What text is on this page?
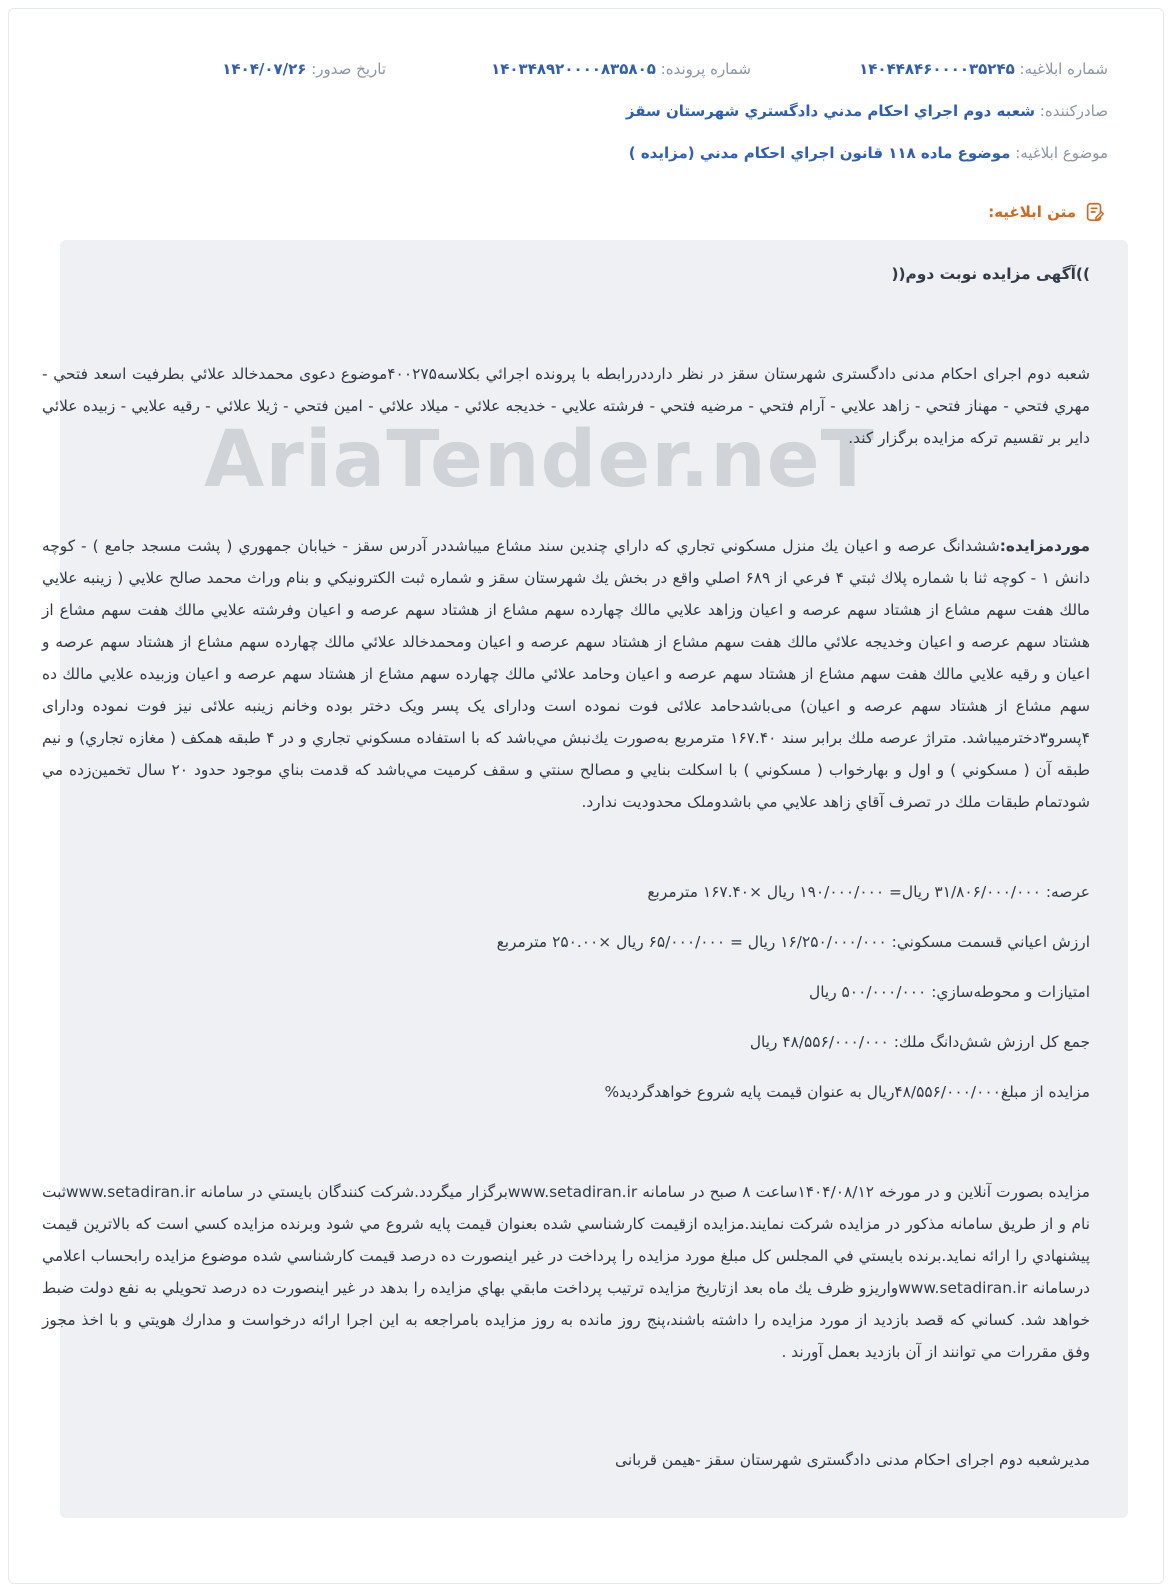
شماره ابلاغیه: ۱۴۰۴۴۸۴۶۰۰۰۰۳۵۲۴۵
شماره پرونده: ۱۴۰۳۴۸۹۲۰۰۰۰۸۳۵۸۰۵
تاریخ صدور: ۱۴۰۴/۰۷/۲۶
صادرکننده: شعبه دوم اجراي احكام مدني دادگستري شهرستان سقز
موضوع ابلاغیه: موضوع ماده ۱۱۸ قانون اجراي احكام مدني (مزايده )
متن ابلاغیه:
AriaTender.neT
))آگهی مزایده نوبت دوم((
شعبه دوم اجرای احکام مدنی دادگستری شهرستان سقز در نظر دارددررابطه با پرونده اجرائي بكلاسه۴۰۰۲۷۵موضوع دعوی محمدخالد علائي بطرفيت اسعد فتحي - مهري فتحي - مهناز فتحي - زاهد علايي - آرام فتحي - مرضيه فتحي - فرشته علايي - خديجه علائي - ميلاد علائي - امين فتحي - ژيلا علائي - رقيه علايي - زبيده علائي داير بر تقسيم تركه مزايده برگزار کند.
موردمزایده:ششدانگ عرصه و اعيان يك منزل مسكوني تجاري كه داراي چندين سند مشاع ميباشددر آدرس سقز - خيابان جمهوري ( پشت مسجد جامع ) - كوچه دانش ۱ - كوچه ثنا با شماره پلاك ثبتي ۴ فرعي از ۶۸۹ اصلي واقع در بخش يك شهرستان سقز و شماره ثبت الكترونيكي و بنام وراث محمد صالح علايي ( زينبه علايي مالك هفت سهم مشاع از هشتاد سهم عرصه و اعيان وزاهد علايي مالك چهارده سهم مشاع از هشتاد سهم عرصه و اعيان وفرشته علايي مالك هفت سهم مشاع از هشتاد سهم عرصه و اعيان وخديجه علائي مالك هفت سهم مشاع از هشتاد سهم عرصه و اعيان ومحمدخالد علائي مالك چهارده سهم مشاع از هشتاد سهم عرصه و اعيان و رقيه علايي مالك هفت سهم مشاع از هشتاد سهم عرصه و اعيان وحامد علائي مالك چهارده سهم مشاع از هشتاد سهم عرصه و اعيان وزبيده علايي مالك ده سهم مشاع از هشتاد سهم عرصه و اعيان) می‌باشدحامد علائی فوت نموده است ودارای یک پسر ویک دختر بوده وخانم زینبه علائی نیز فوت نموده ودارای ۴پسرو۳دخترمیباشد. متراژ عرصه ملك برابر سند ۱۶۷.۴۰ مترمربع به‌صورت يك‌نبش مي‌باشد كه با استفاده مسكوني تجاري و در ۴ طبقه همكف ( مغازه تجاري) و نيم طبقه آن ( مسكوني ) و اول و بهارخواب ( مسكوني ) با اسكلت بنايي و مصالح سنتي و سقف كرميت مي‌باشد كه قدمت بناي موجود حدود ۲۰ سال تخمين‌زده مي شودتمام طبقات ملك در تصرف آقاي زاهد علايي مي باشدوملک محدودیت ندارد.
عرصه: ۳۱/۸۰۶/۰۰۰/۰۰۰ ریال= ۱۹۰/۰۰۰/۰۰۰ ريال ×۱۶۷.۴۰ مترمربع
ارزش اعياني قسمت مسكوني: ۱۶/۲۵۰/۰۰۰/۰۰۰ ريال = ۶۵/۰۰۰/۰۰۰ ريال ×۲۵۰.۰۰ مترمربع
امتيازات و محوطه‌سازي: ۵۰۰/۰۰۰/۰۰۰ ريال
جمع كل ارزش شش‌دانگ ملك: ۴۸/۵۵۶/۰۰۰/۰۰۰ ريال
مزایده از مبلغ۴۸/۵۵۶/۰۰۰/۰۰۰ریال به عنوان قیمت پایه شروع خواهدگردید%
مزايده بصورت آنلاين و در مورخه ۱۴۰۴/۰۸/۱۲ساعت ۸ صبح در سامانه www.setadiran.irبرگزار ميگردد.شركت كنندگان بايستي در سامانه www.setadiran.irثبت نام و از طريق سامانه مذكور در مزايده شركت نمايند.مزايده ازقيمت كارشناسي شده بعنوان قيمت پايه شروع مي شود وبرنده مزايده كسي است كه بالاترين قيمت پيشنهادي را ارائه نمايد.برنده بايستي في المجلس كل مبلغ مورد مزايده را پرداخت در غير اينصورت ده درصد قيمت كارشناسي شده موضوع مزايده رابحساب اعلامي درسامانه www.setadiran.irواريزو ظرف يك ماه بعد ازتاريخ مزايده ترتيب پرداخت مابقي بهاي مزايده را بدهد در غير اينصورت ده درصد تحويلي به نفع دولت ضبط خواهد شد. كساني كه قصد بازديد از مورد مزايده را داشته باشند،پنج روز مانده به روز مزايده بامراجعه به اين اجرا ارائه درخواست و مدارك هويتي و با اخذ مجوز وفق مقررات مي توانند از آن بازديد بعمل آورند .
مديرشعبه دوم اجرای احکام مدنی دادگستری شهرستان سقز -هیمن قربانی
